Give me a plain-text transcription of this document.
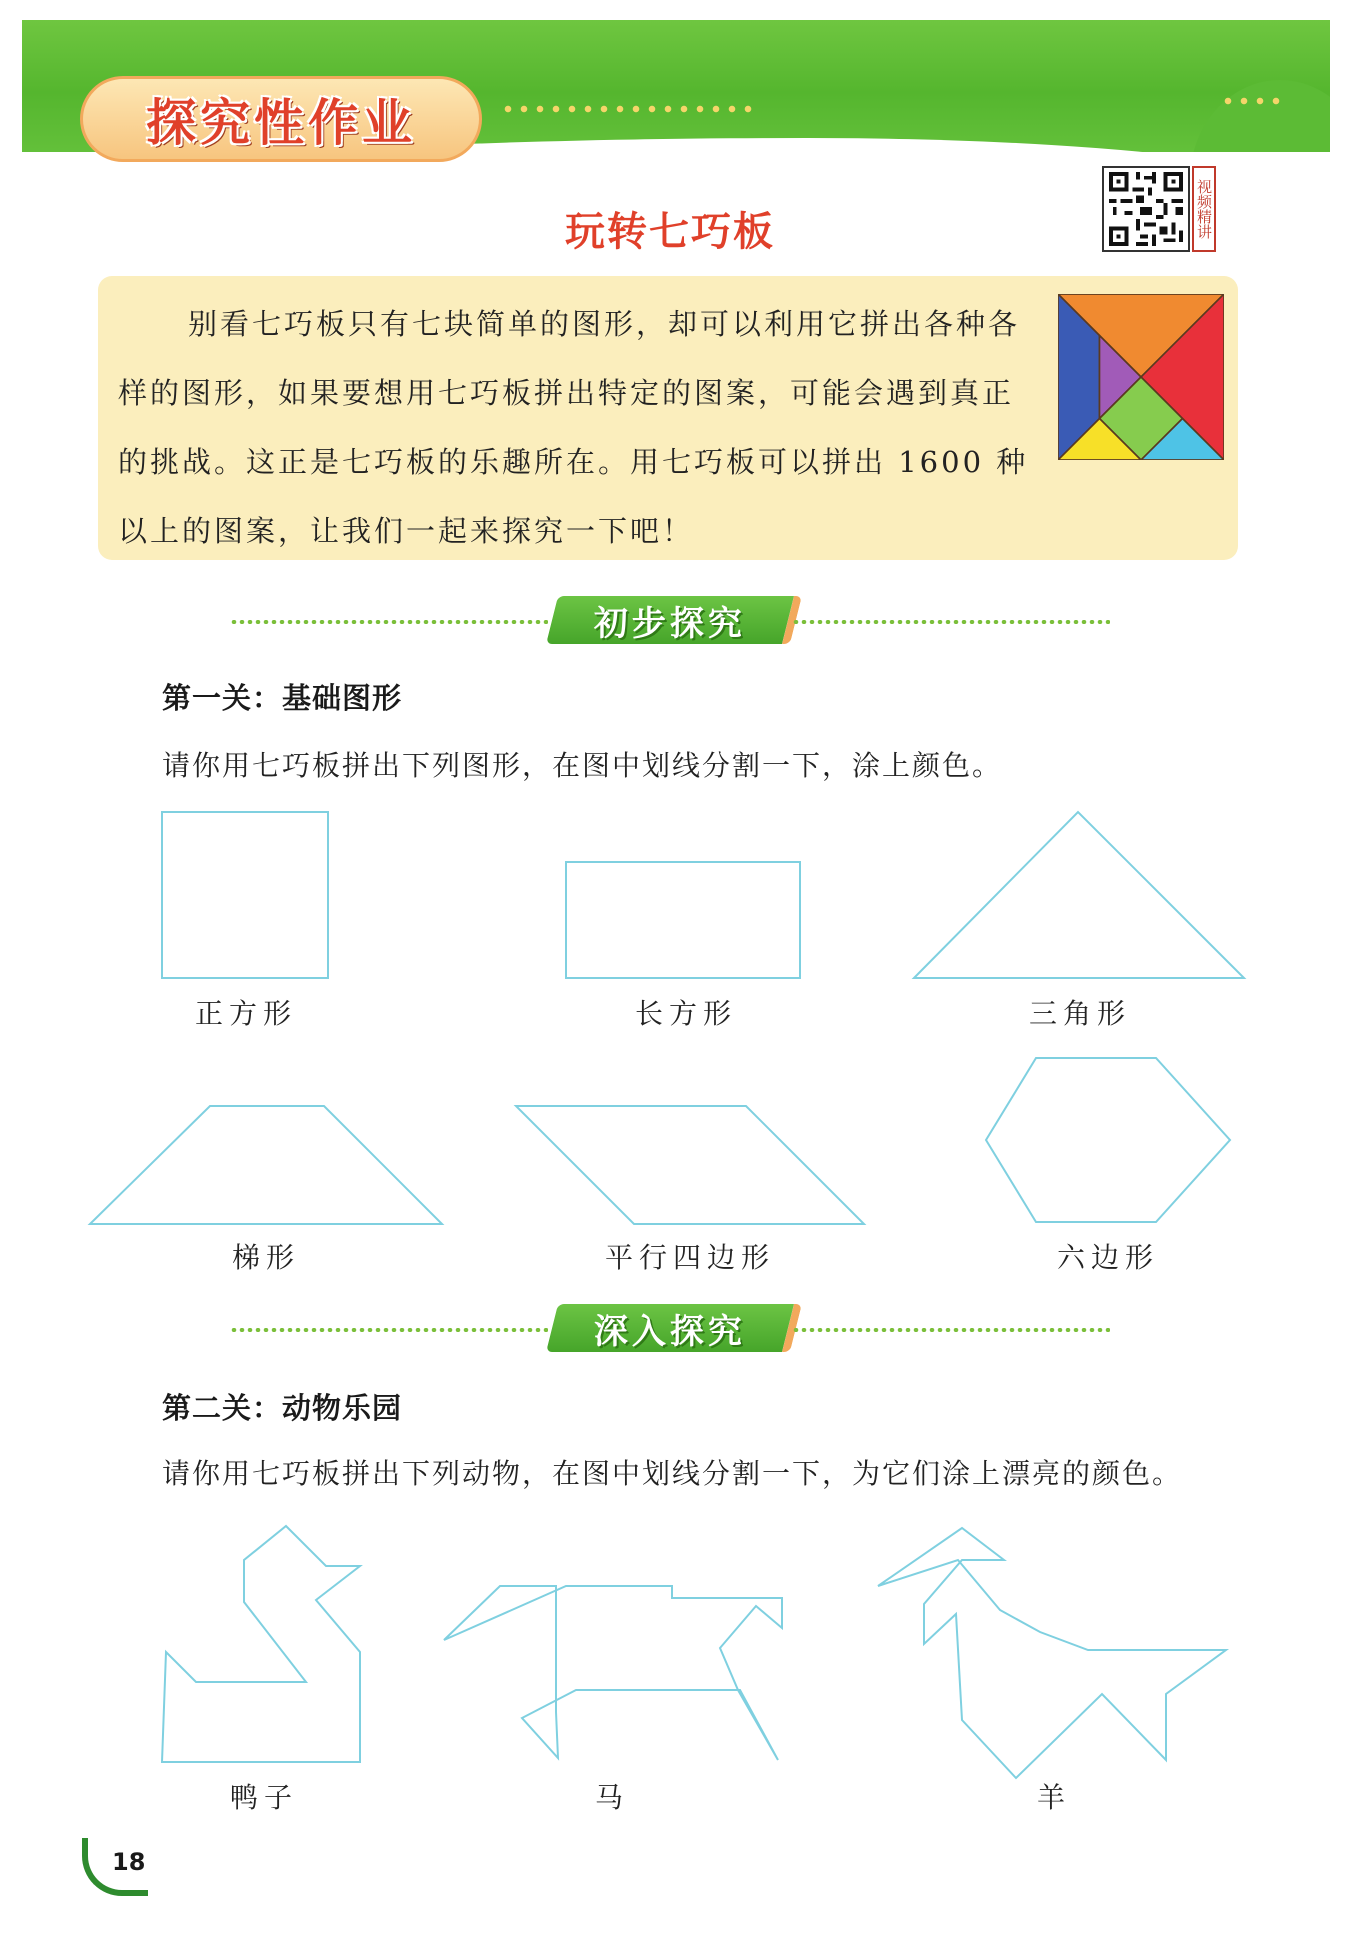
探究性作业
视频精讲
玩转七巧板
别看七巧板只有七块简单的图形，却可以利用它拼出各种各样的图形，如果要想用七巧板拼出特定的图案，可能会遇到真正的挑战。这正是七巧板的乐趣所在。用七巧板可以拼出 1600 种以上的图案，让我们一起来探究一下吧！
初步探究
第一关：基础图形
请你用七巧板拼出下列图形，在图中划线分割一下，涂上颜色。
正方形	长方形	三角形
梯形	平行四边形	六边形
深入探究
第二关：动物乐园
请你用七巧板拼出下列动物，在图中划线分割一下，为它们涂上漂亮的颜色。
鸭子	马	羊
18
